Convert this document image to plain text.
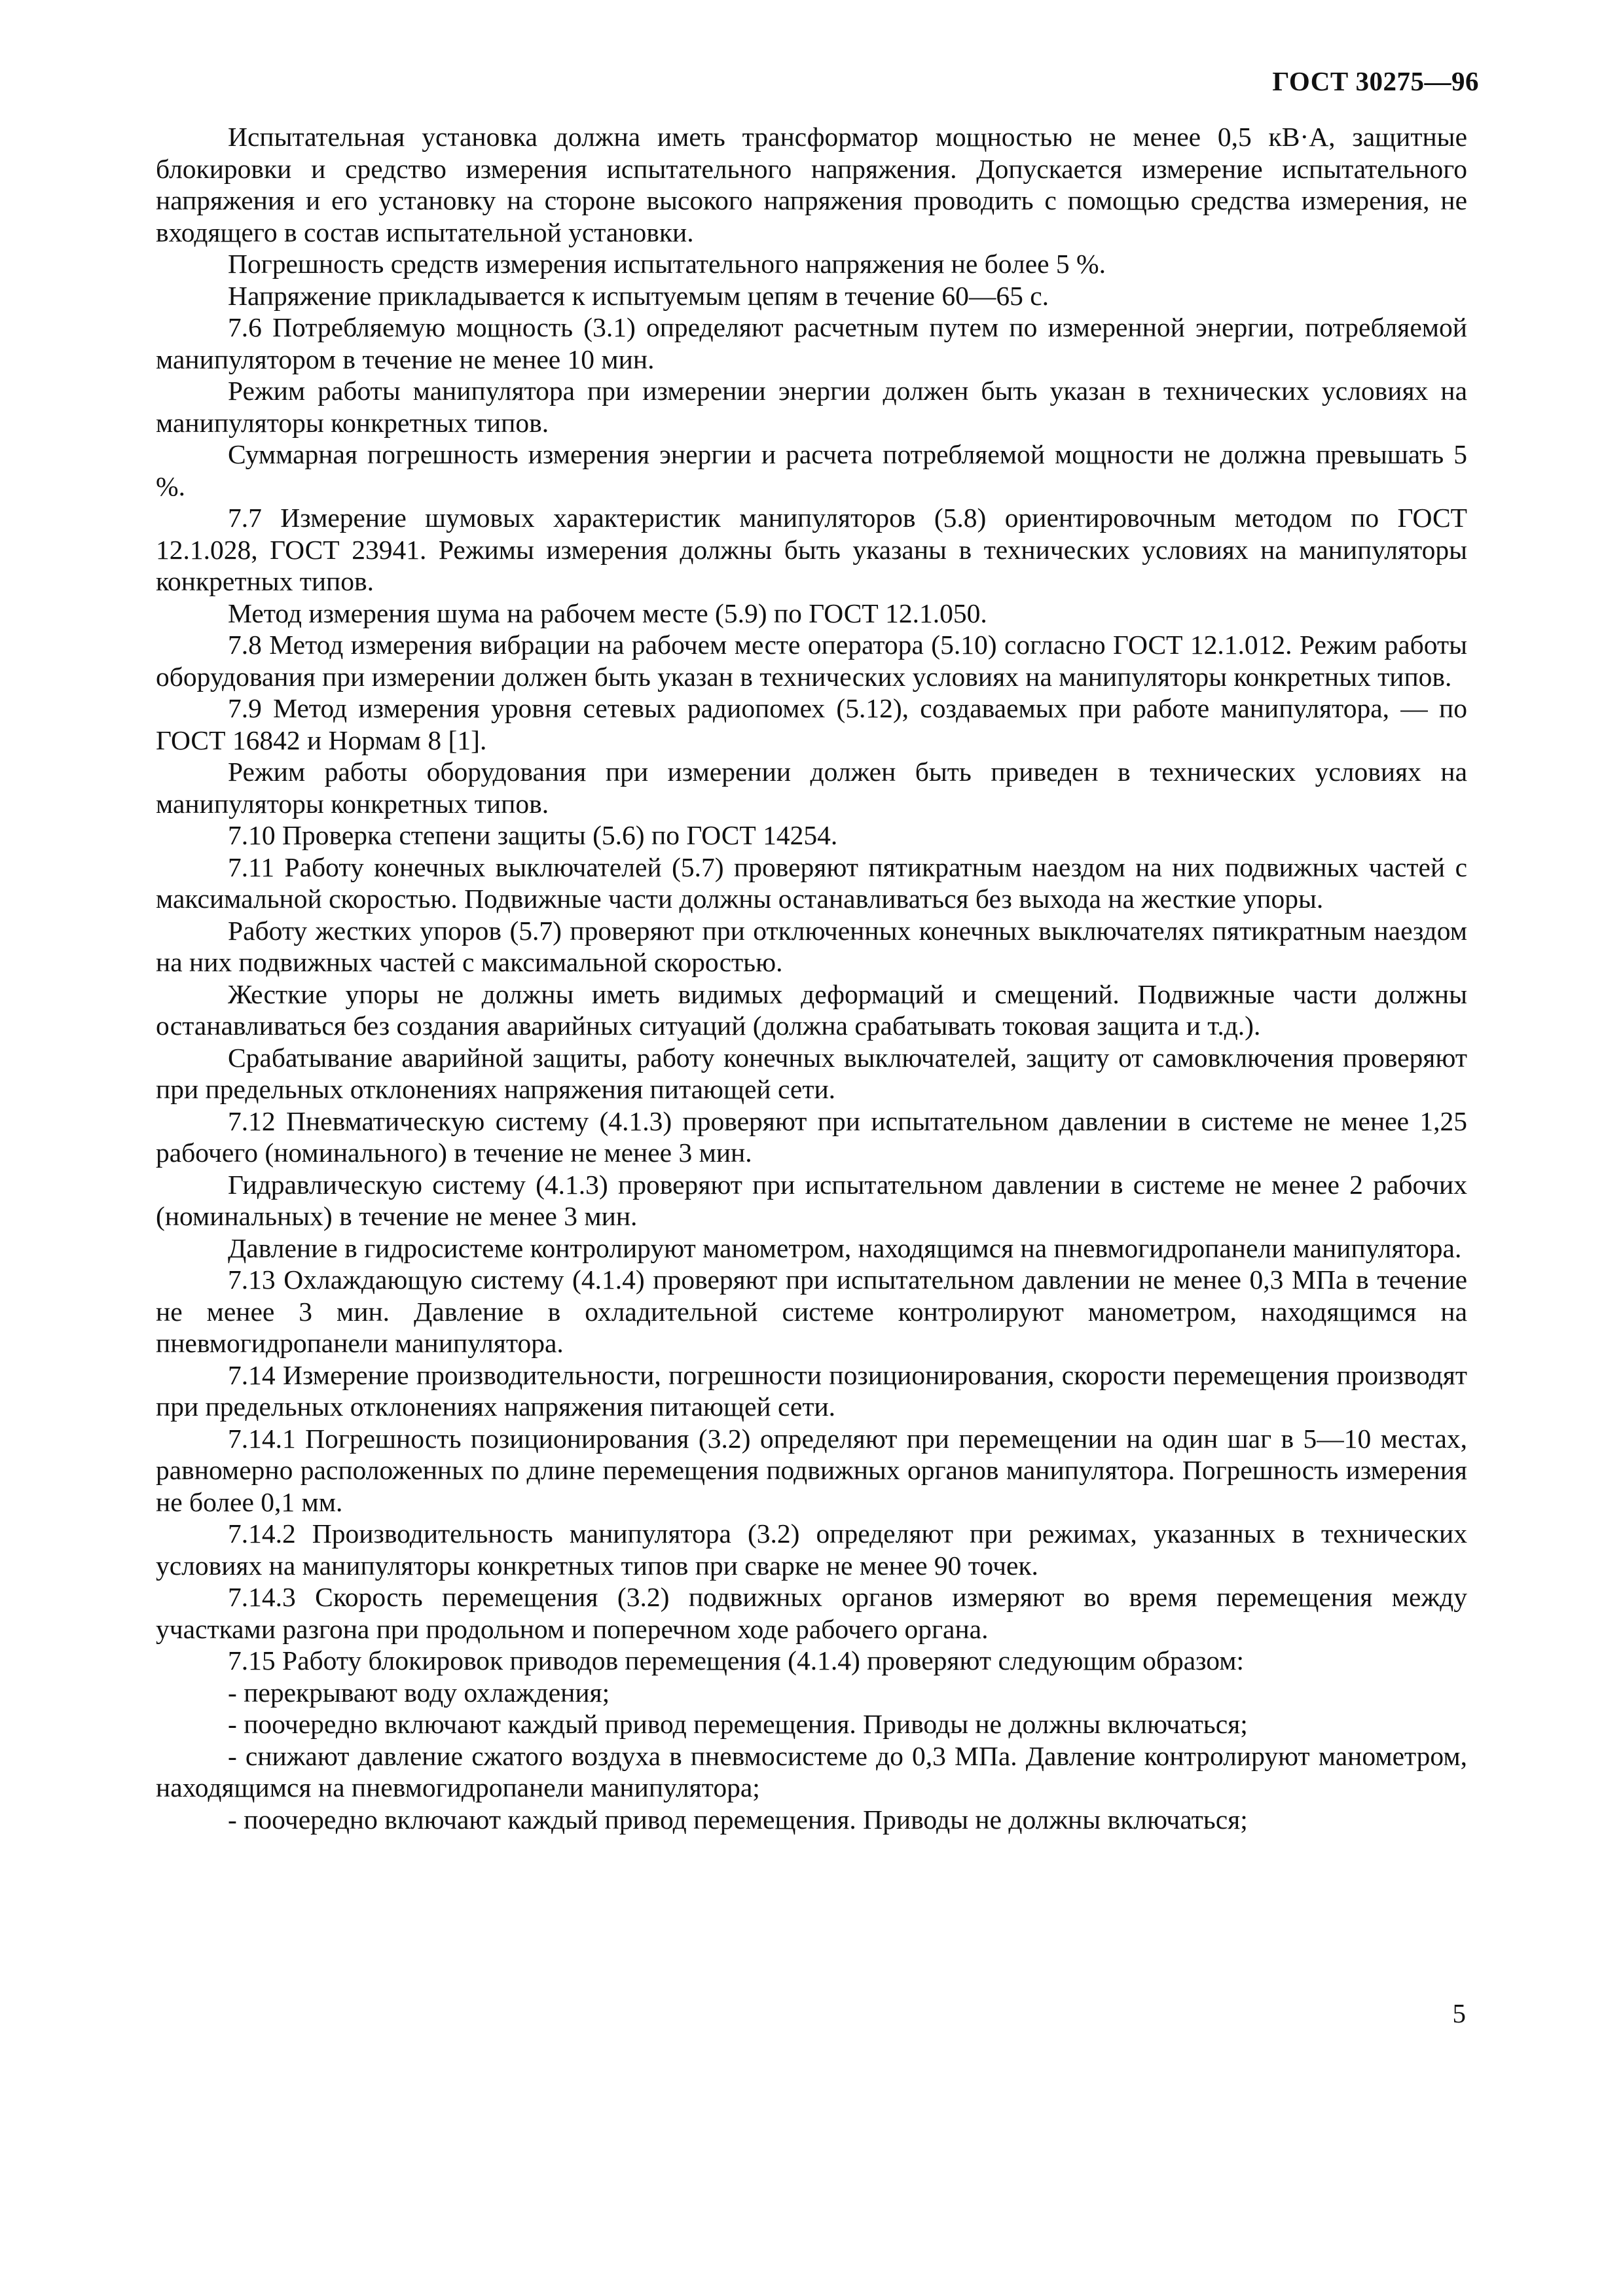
ГОСТ 30275—96

Испытательная установка должна иметь трансформатор мощностью не менее 0,5 кВ·А, защитные блокировки и средство измерения испытательного напряжения. Допускается измерение испытательного напряжения и его установку на стороне высокого напряжения проводить с помощью средства измерения, не входящего в состав испытательной установки.

Погрешность средств измерения испытательного напряжения не более 5 %.

Напряжение прикладывается к испытуемым цепям в течение 60—65 с.

7.6 Потребляемую мощность (3.1) определяют расчетным путем по измеренной энергии, потребляемой манипулятором в течение не менее 10 мин.

Режим работы манипулятора при измерении энергии должен быть указан в технических условиях на манипуляторы конкретных типов.

Суммарная погрешность измерения энергии и расчета потребляемой мощности не должна превышать 5 %.

7.7 Измерение шумовых характеристик манипуляторов (5.8) ориентировочным методом по ГОСТ 12.1.028, ГОСТ 23941. Режимы измерения должны быть указаны в технических условиях на манипуляторы конкретных типов.

Метод измерения шума на рабочем месте (5.9) по ГОСТ 12.1.050.

7.8 Метод измерения вибрации на рабочем месте оператора (5.10) согласно ГОСТ 12.1.012. Режим работы оборудования при измерении должен быть указан в технических условиях на манипуляторы конкретных типов.

7.9 Метод измерения уровня сетевых радиопомех (5.12), создаваемых при работе манипулятора, — по ГОСТ 16842 и Нормам 8 [1].

Режим работы оборудования при измерении должен быть приведен в технических условиях на манипуляторы конкретных типов.

7.10 Проверка степени защиты (5.6) по ГОСТ 14254.

7.11 Работу конечных выключателей (5.7) проверяют пятикратным наездом на них подвижных частей с максимальной скоростью. Подвижные части должны останавливаться без выхода на жесткие упоры.

Работу жестких упоров (5.7) проверяют при отключенных конечных выключателях пятикратным наездом на них подвижных частей с максимальной скоростью.

Жесткие упоры не должны иметь видимых деформаций и смещений. Подвижные части должны останавливаться без создания аварийных ситуаций (должна срабатывать токовая защита и т.д.).

Срабатывание аварийной защиты, работу конечных выключателей, защиту от самовключения проверяют при предельных отклонениях напряжения питающей сети.

7.12 Пневматическую систему (4.1.3) проверяют при испытательном давлении в системе не менее 1,25 рабочего (номинального) в течение не менее 3 мин.

Гидравлическую систему (4.1.3) проверяют при испытательном давлении в системе не менее 2 рабочих (номинальных) в течение не менее 3 мин.

Давление в гидросистеме контролируют манометром, находящимся на пневмогидропанели манипулятора.

7.13 Охлаждающую систему (4.1.4) проверяют при испытательном давлении не менее 0,3 МПа в течение не менее 3 мин. Давление в охладительной системе контролируют манометром, находящимся на пневмогидропанели манипулятора.

7.14 Измерение производительности, погрешности позиционирования, скорости перемещения производят при предельных отклонениях напряжения питающей сети.

7.14.1 Погрешность позиционирования (3.2) определяют при перемещении на один шаг в 5—10 местах, равномерно расположенных по длине перемещения подвижных органов манипулятора. Погрешность измерения не более 0,1 мм.

7.14.2 Производительность манипулятора (3.2) определяют при режимах, указанных в технических условиях на манипуляторы конкретных типов при сварке не менее 90 точек.

7.14.3 Скорость перемещения (3.2) подвижных органов измеряют во время перемещения между участками разгона при продольном и поперечном ходе рабочего органа.

7.15 Работу блокировок приводов перемещения (4.1.4) проверяют следующим образом:

- перекрывают воду охлаждения;

- поочередно включают каждый привод перемещения. Приводы не должны включаться;

- снижают давление сжатого воздуха в пневмосистеме до 0,3 МПа. Давление контролируют манометром, находящимся на пневмогидропанели манипулятора;

- поочередно включают каждый привод перемещения. Приводы не должны включаться;

5
